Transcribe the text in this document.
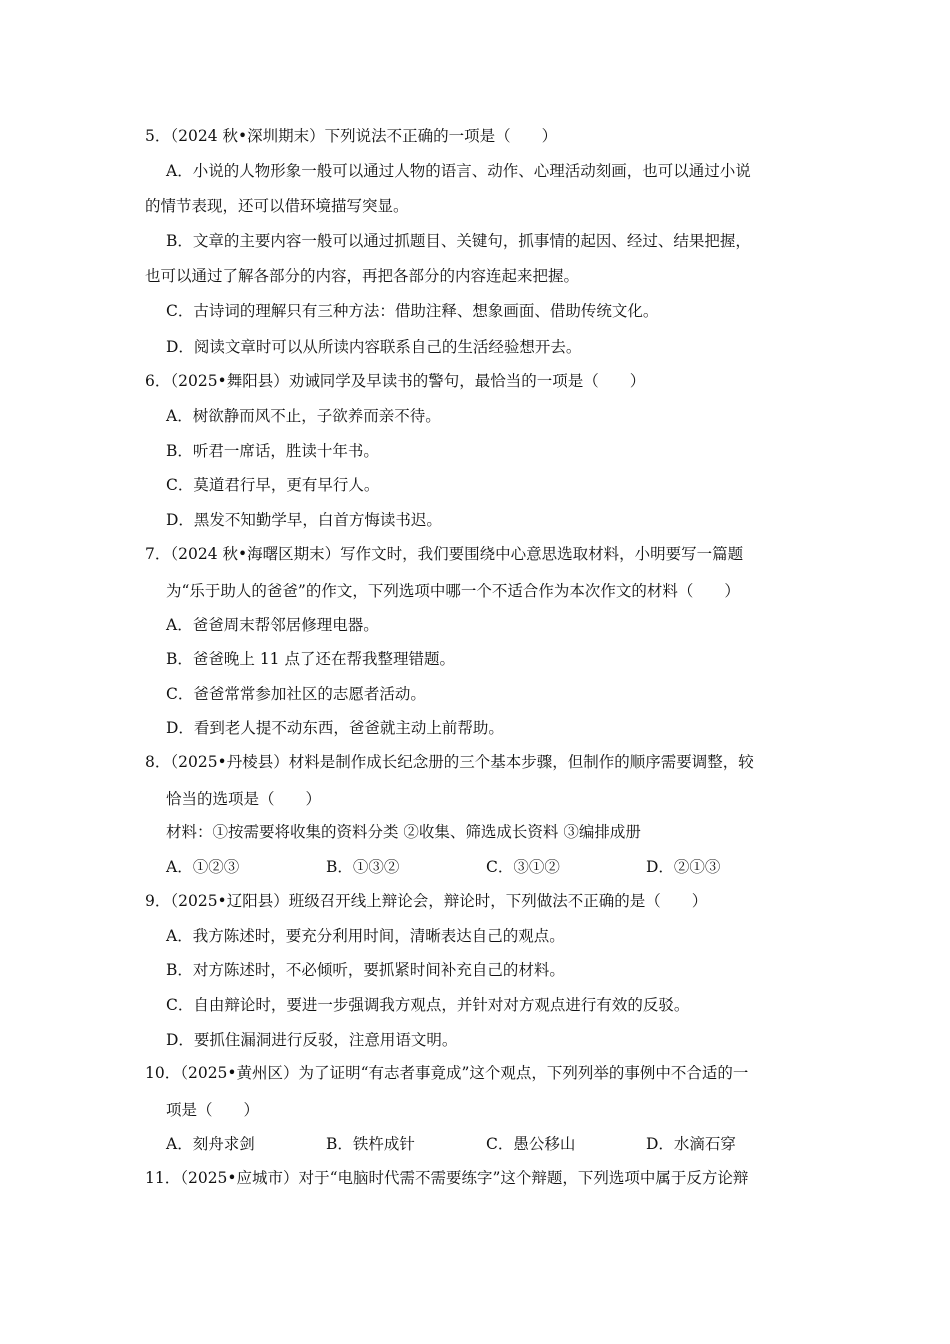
5．（2024 秋•深圳期末）下列说法不正确的一项是（　　）
A．小说的人物形象一般可以通过人物的语言、动作、心理活动刻画，也可以通过小说
的情节表现，还可以借环境描写突显。
B．文章的主要内容一般可以通过抓题目、关键句，抓事情的起因、经过、结果把握，
也可以通过了解各部分的内容，再把各部分的内容连起来把握。
C．古诗词的理解只有三种方法：借助注释、想象画面、借助传统文化。
D．阅读文章时可以从所读内容联系自己的生活经验想开去。
6．（2025•舞阳县）劝诫同学及早读书的警句，最恰当的一项是（　　）
A．树欲静而风不止，子欲养而亲不待。
B．听君一席话，胜读十年书。
C．莫道君行早，更有早行人。
D．黑发不知勤学早，白首方悔读书迟。
7．（2024 秋•海曙区期末）写作文时，我们要围绕中心意思选取材料，小明要写一篇题
为“乐于助人的爸爸”的作文，下列选项中哪一个不适合作为本次作文的材料（　　）
A．爸爸周末帮邻居修理电器。
B．爸爸晚上 11 点了还在帮我整理错题。
C．爸爸常常参加社区的志愿者活动。
D．看到老人提不动东西，爸爸就主动上前帮助。
8．（2025•丹棱县）材料是制作成长纪念册的三个基本步骤，但制作的顺序需要调整，较
恰当的选项是（　　）
材料：①按需要将收集的资料分类 ②收集、筛选成长资料 ③编排成册
A．①②③	B．①③②	C．③①②	D．②①③
9．（2025•辽阳县）班级召开线上辩论会，辩论时，下列做法不正确的是（　　）
A．我方陈述时，要充分利用时间，清晰表达自己的观点。
B．对方陈述时，不必倾听，要抓紧时间补充自己的材料。
C．自由辩论时，要进一步强调我方观点，并针对对方观点进行有效的反驳。
D．要抓住漏洞进行反驳，注意用语文明。
10．（2025•黄州区）为了证明“有志者事竟成”这个观点，下列列举的事例中不合适的一
项是（　　）
A．刻舟求剑	B．铁杵成针	C．愚公移山	D．水滴石穿
11．（2025•应城市）对于“电脑时代需不需要练字”这个辩题，下列选项中属于反方论辩
